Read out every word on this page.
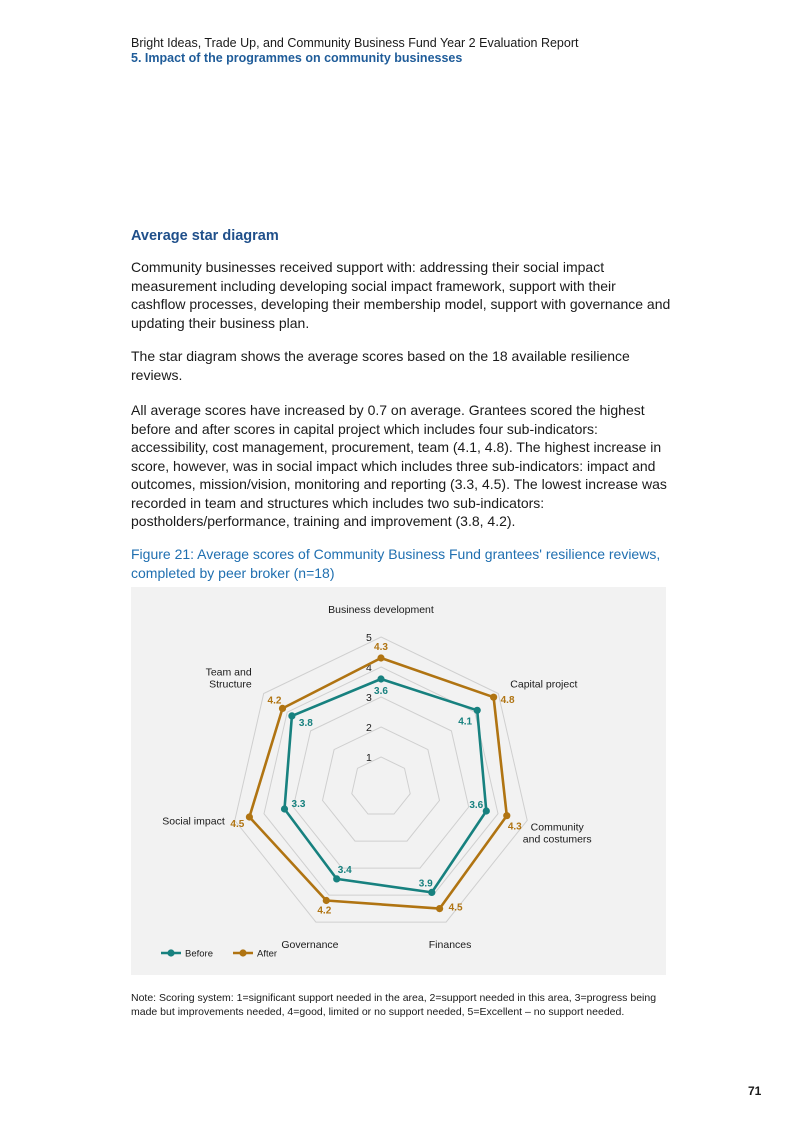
Bright Ideas, Trade Up, and Community Business Fund Year 2 Evaluation Report
5. Impact of the programmes on community businesses
Average star diagram

Community businesses received support with: addressing their social impact measurement including developing social impact framework, support with their cashflow processes, developing their membership model, support with governance and updating their business plan.

The star diagram shows the average scores based on the 18 available resilience reviews.

All average scores have increased by 0.7 on average. Grantees scored the highest before and after scores in capital project which includes four sub-indicators: accessibility, cost management, procurement, team (4.1, 4.8). The highest increase in score, however, was in social impact which includes three sub-indicators: impact and outcomes, mission/vision, monitoring and reporting (3.3, 4.5). The lowest increase was recorded in team and structures which includes two sub-indicators: postholders/performance, training and improvement (3.8, 4.2).

Figure 21: Average scores of Community Business Fund grantees' resilience reviews, completed by peer broker (n=18)

1
2
3
4
5
Business development
Capital project
Community
and costumers
Finances
Governance
Social impact
Team and
Structure
3.6
4.1
3.6
3.9
3.4
3.3
3.8
4.3
4.8
4.3
4.5
4.2
4.5
4.2
Before	After

Note: Scoring system: 1=significant support needed in the area, 2=support needed in this area, 3=progress being made but improvements needed, 4=good, limited or no support needed, 5=Excellent – no support needed.

71
